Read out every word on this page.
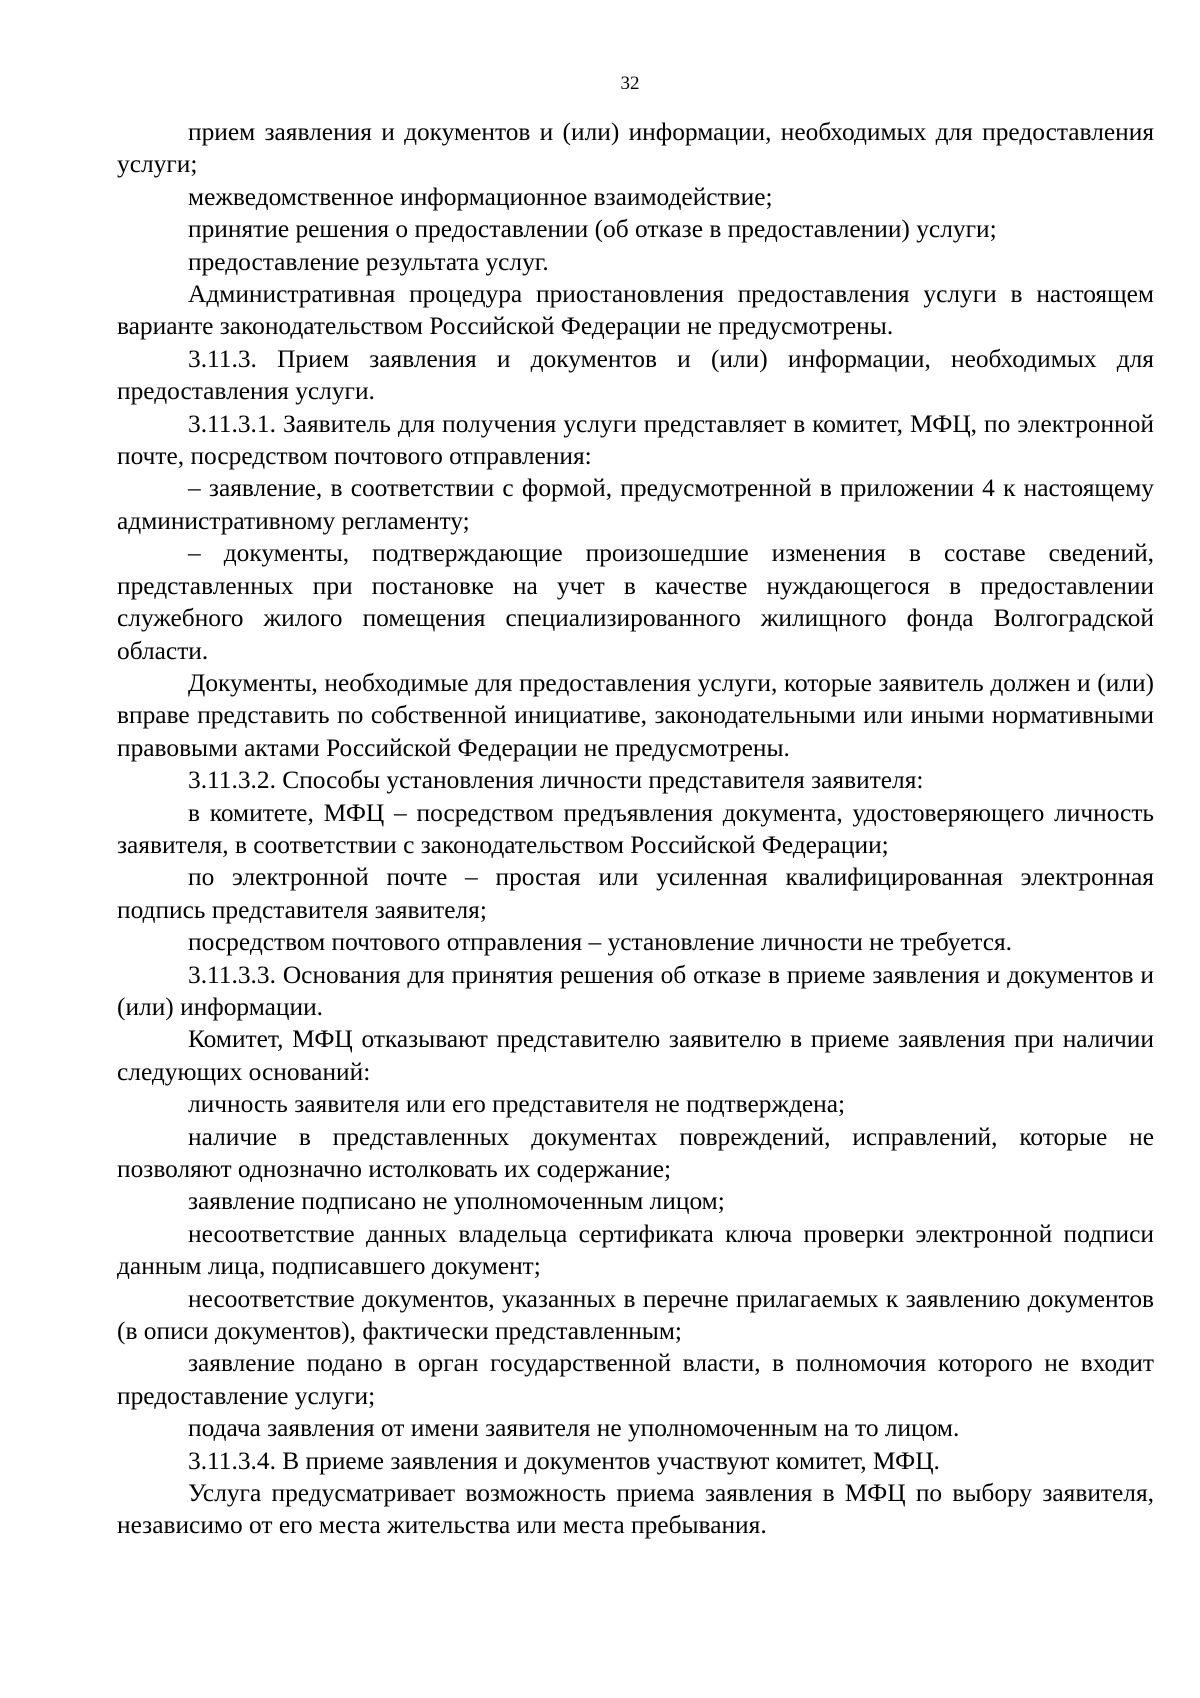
32

прием заявления и документов и (или) информации, необходимых для предоставления услуги;

межведомственное информационное взаимодействие;

принятие решения о предоставлении (об отказе в предоставлении) услуги;

предоставление результата услуг.

Административная процедура приостановления предоставления услуги в настоящем варианте законодательством Российской Федерации не предусмотрены.

3.11.3. Прием заявления и документов и (или) информации, необходимых для предоставления услуги.

3.11.3.1. Заявитель для получения услуги представляет в комитет, МФЦ, по электронной почте, посредством почтового отправления:

– заявление, в соответствии с формой, предусмотренной в приложении 4 к настоящему административному регламенту;

– документы, подтверждающие произошедшие изменения в составе сведений, представленных при постановке на учет в качестве нуждающегося в предоставлении служебного жилого помещения специализированного жилищного фонда Волгоградской области.

Документы, необходимые для предоставления услуги, которые заявитель должен и (или) вправе представить по собственной инициативе, законодательными или иными нормативными правовыми актами Российской Федерации не предусмотрены.

3.11.3.2. Способы установления личности представителя заявителя:

в комитете, МФЦ – посредством предъявления документа, удостоверяющего личность заявителя, в соответствии с законодательством Российской Федерации;

по электронной почте – простая или усиленная квалифицированная электронная подпись представителя заявителя;

посредством почтового отправления – установление личности не требуется.

3.11.3.3. Основания для принятия решения об отказе в приеме заявления и документов и (или) информации.

Комитет, МФЦ отказывают представителю заявителю в приеме заявления при наличии следующих оснований:

личность заявителя или его представителя не подтверждена;

наличие в представленных документах повреждений, исправлений, которые не позволяют однозначно истолковать их содержание;

заявление подписано не уполномоченным лицом;

несоответствие данных владельца сертификата ключа проверки электронной подписи данным лица, подписавшего документ;

несоответствие документов, указанных в перечне прилагаемых к заявлению документов (в описи документов), фактически представленным;

заявление подано в орган государственной власти, в полномочия которого не входит предоставление услуги;

подача заявления от имени заявителя не уполномоченным на то лицом.

3.11.3.4. В приеме заявления и документов участвуют комитет, МФЦ.

Услуга предусматривает возможность приема заявления в МФЦ по выбору заявителя, независимо от его места жительства или места пребывания.
